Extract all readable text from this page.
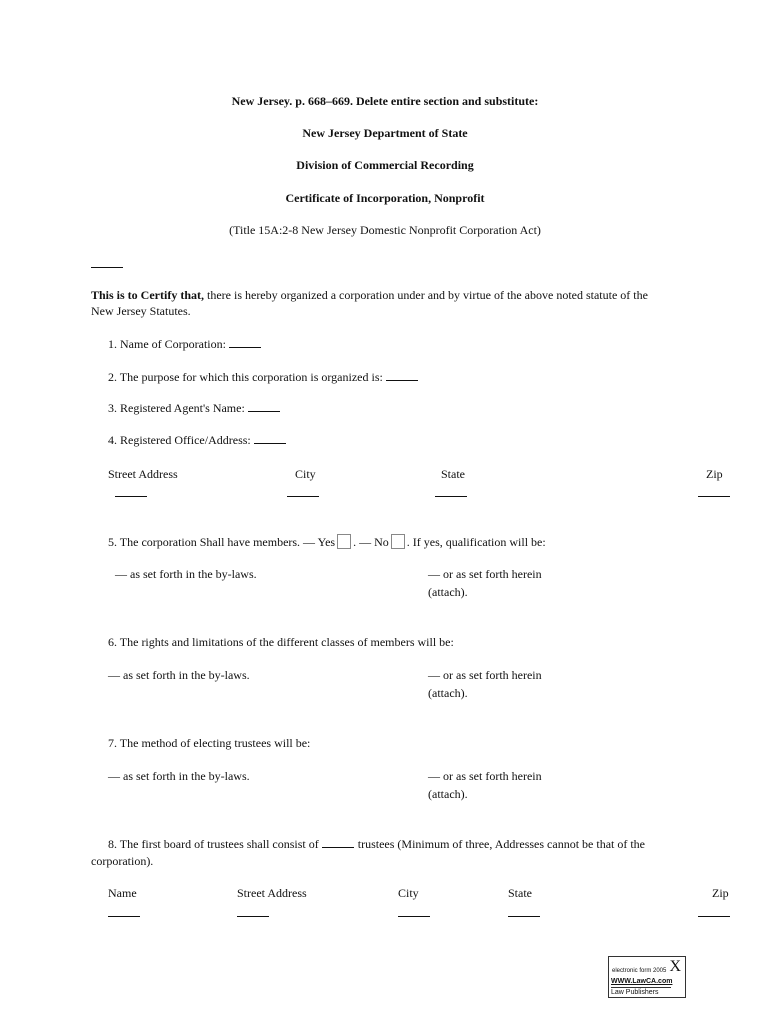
New Jersey. p. 668–669. Delete entire section and substitute:
New Jersey Department of State
Division of Commercial Recording
Certificate of Incorporation, Nonprofit
(Title 15A:2-8 New Jersey Domestic Nonprofit Corporation Act)
This is to Certify that, there is hereby organized a corporation under and by virtue of the above noted statute of the
New Jersey Statutes.
1. Name of Corporation:
2. The purpose for which this corporation is organized is:
3. Registered Agent's Name:
4. Registered Office/Address:
Street Address	City	State	Zip
5. The corporation Shall have members. — Yes . — No . If yes, qualification will be:
— as set forth in the by-laws.	— or as set forth herein
(attach).
6. The rights and limitations of the different classes of members will be:
— as set forth in the by-laws.	— or as set forth herein
(attach).
7. The method of electing trustees will be:
— as set forth in the by-laws.	— or as set forth herein
(attach).
8. The first board of trustees shall consist of	trustees (Minimum of three, Addresses cannot be that of the
corporation).
Name	Street Address	City	State	Zip
electronic form 2005 X
WWW.LawCA.com
Law Publishers
